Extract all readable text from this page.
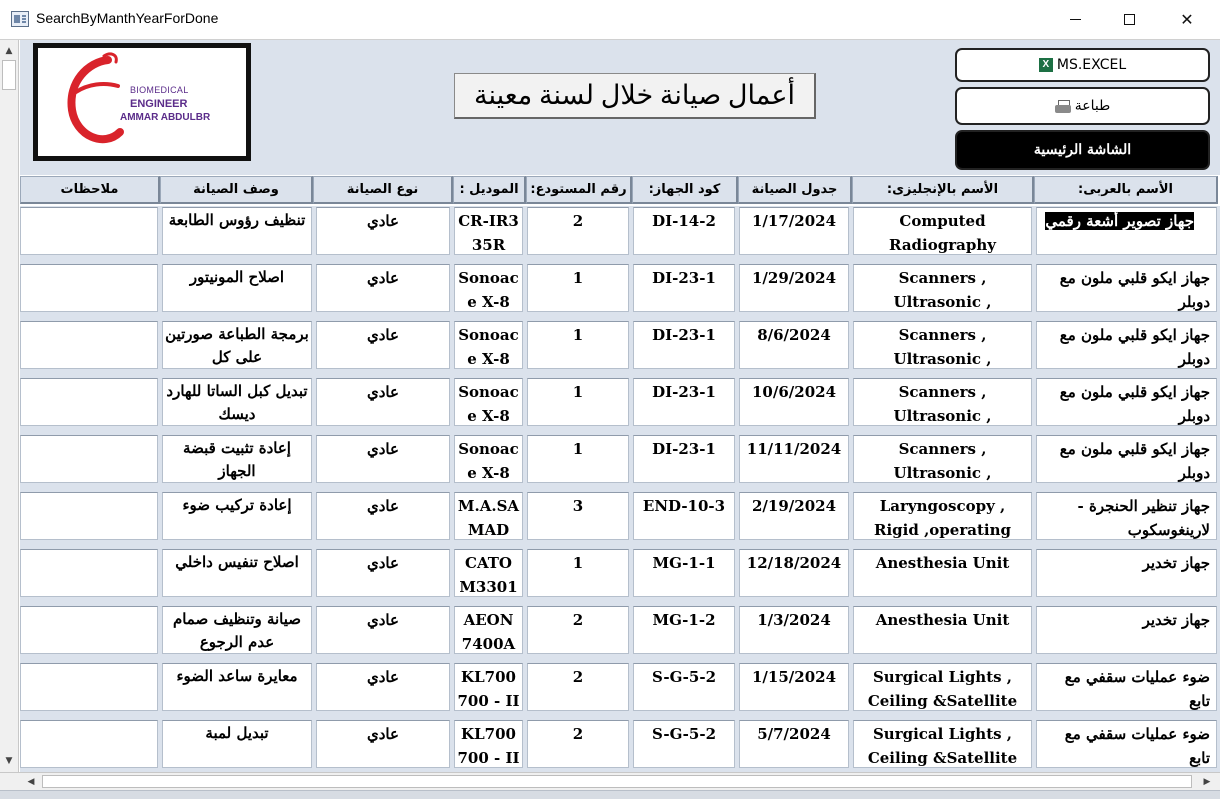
SearchByManthYearForDone	✕
▲
▼
BIOMEDICAL
ENGINEER
AMMAR ABDULBR
أعمال صيانة خلال لسنة معينة
X MS.EXCEL
طباعة
الشاشة الرئيسية
الأسم بالعربى:
الأسم بالإنجليزى:
جدول الصيانة
كود الجهاز:
رقم المستودع:
الموديل :
نوع الصيانة
وصف الصيانة
ملاحظات
جهاز تصوير أشعة رقمي
Computed Radiography
1/17/2024
DI-14-2
2
CR-IR335R
عادي
تنظيف رؤوس الطابعة
جهاز ايكو قلبي ملون مع دوبلر
Scanners , Ultrasonic ,
1/29/2024
DI-23-1
1
Sonoace X-8
عادي
اصلاح المونيتور
جهاز ايكو قلبي ملون مع دوبلر
Scanners , Ultrasonic ,
8/6/2024
DI-23-1
1
Sonoace X-8
عادي
برمجة الطباعة صورتين على كل
جهاز ايكو قلبي ملون مع دوبلر
Scanners , Ultrasonic ,
10/6/2024
DI-23-1
1
Sonoace X-8
عادي
تبديل كبل الساتا للهارد ديسك
جهاز ايكو قلبي ملون مع دوبلر
Scanners , Ultrasonic ,
11/11/2024
DI-23-1
1
Sonoace X-8
عادي
إعادة تثبيت قبضة الجهاز
جهاز تنظير الحنجرة - لارينغوسكوب
Laryngoscopy , Rigid ,operating
2/19/2024
END-10-3
3
M.A.SAMAD
عادي
إعادة تركيب ضوء
جهاز تخدير
Anesthesia Unit
12/18/2024
MG-1-1
1
CATO M3301
عادي
اصلاح تنفيس داخلي
جهاز تخدير
Anesthesia Unit
1/3/2024
MG-1-2
2
AEON 7400A
عادي
صيانة وتنظيف صمام عدم الرجوع
ضوء عمليات سقفي مع تابع
Surgical Lights , Ceiling &Satellite
1/15/2024
S-G-5-2
2
KL700 700 - II
عادي
معايرة ساعد الضوء
ضوء عمليات سقفي مع تابع
Surgical Lights , Ceiling &Satellite
5/7/2024
S-G-5-2
2
KL700 700 - II
عادي
تبديل لمبة
◀	▶
